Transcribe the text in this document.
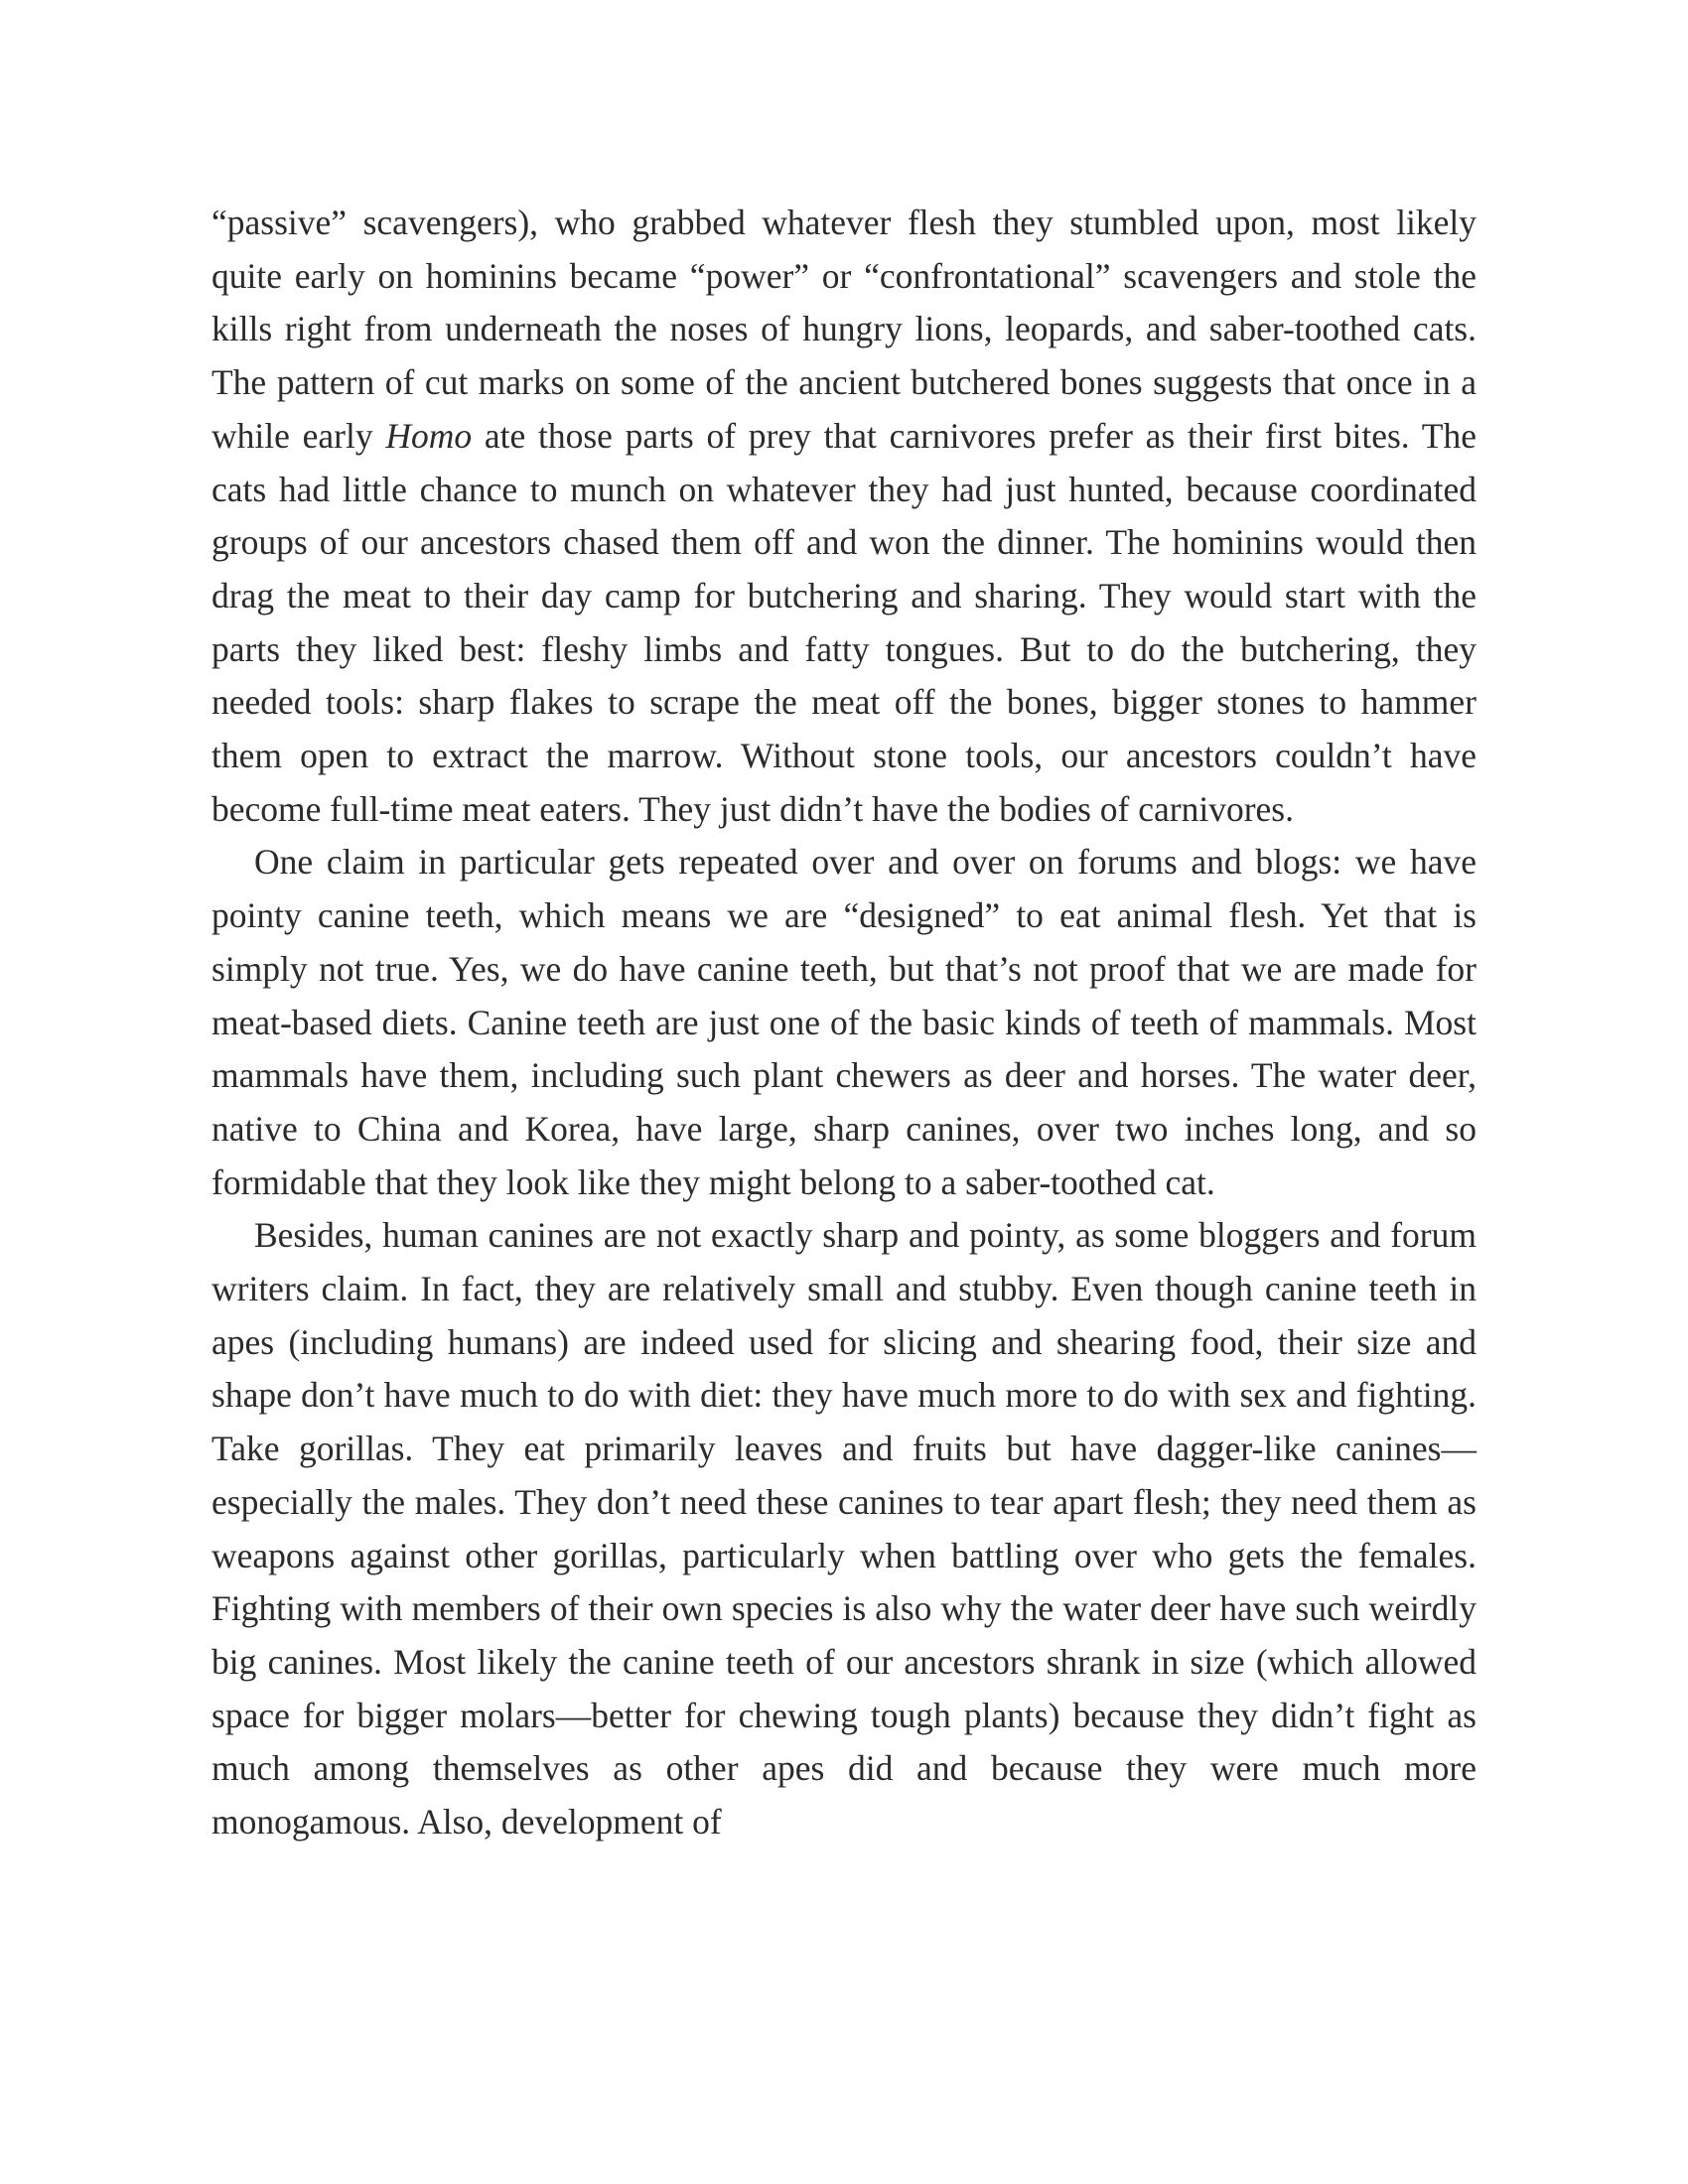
“passive” scavengers), who grabbed whatever flesh they stumbled upon, most likely quite early on hominins became “power” or “confrontational” scavengers and stole the kills right from underneath the noses of hungry lions, leopards, and saber-toothed cats. The pattern of cut marks on some of the ancient butchered bones suggests that once in a while early Homo ate those parts of prey that carnivores prefer as their first bites. The cats had little chance to munch on whatever they had just hunted, because coordinated groups of our ancestors chased them off and won the dinner. The hominins would then drag the meat to their day camp for butchering and sharing. They would start with the parts they liked best: fleshy limbs and fatty tongues. But to do the butchering, they needed tools: sharp flakes to scrape the meat off the bones, bigger stones to hammer them open to extract the marrow. Without stone tools, our ancestors couldn’t have become full-time meat eaters. They just didn’t have the bodies of carnivores.

One claim in particular gets repeated over and over on forums and blogs: we have pointy canine teeth, which means we are “designed” to eat animal flesh. Yet that is simply not true. Yes, we do have canine teeth, but that’s not proof that we are made for meat-based diets. Canine teeth are just one of the basic kinds of teeth of mammals. Most mammals have them, including such plant chewers as deer and horses. The water deer, native to China and Korea, have large, sharp canines, over two inches long, and so formidable that they look like they might belong to a saber-toothed cat.

Besides, human canines are not exactly sharp and pointy, as some bloggers and forum writers claim. In fact, they are relatively small and stubby. Even though canine teeth in apes (including humans) are indeed used for slicing and shearing food, their size and shape don’t have much to do with diet: they have much more to do with sex and fighting. Take gorillas. They eat primarily leaves and fruits but have dagger-like canines—especially the males. They don’t need these canines to tear apart flesh; they need them as weapons against other gorillas, particularly when battling over who gets the females. Fighting with members of their own species is also why the water deer have such weirdly big canines. Most likely the canine teeth of our ancestors shrank in size (which allowed space for bigger molars—better for chewing tough plants) because they didn’t fight as much among themselves as other apes did and because they were much more monogamous. Also, development of
